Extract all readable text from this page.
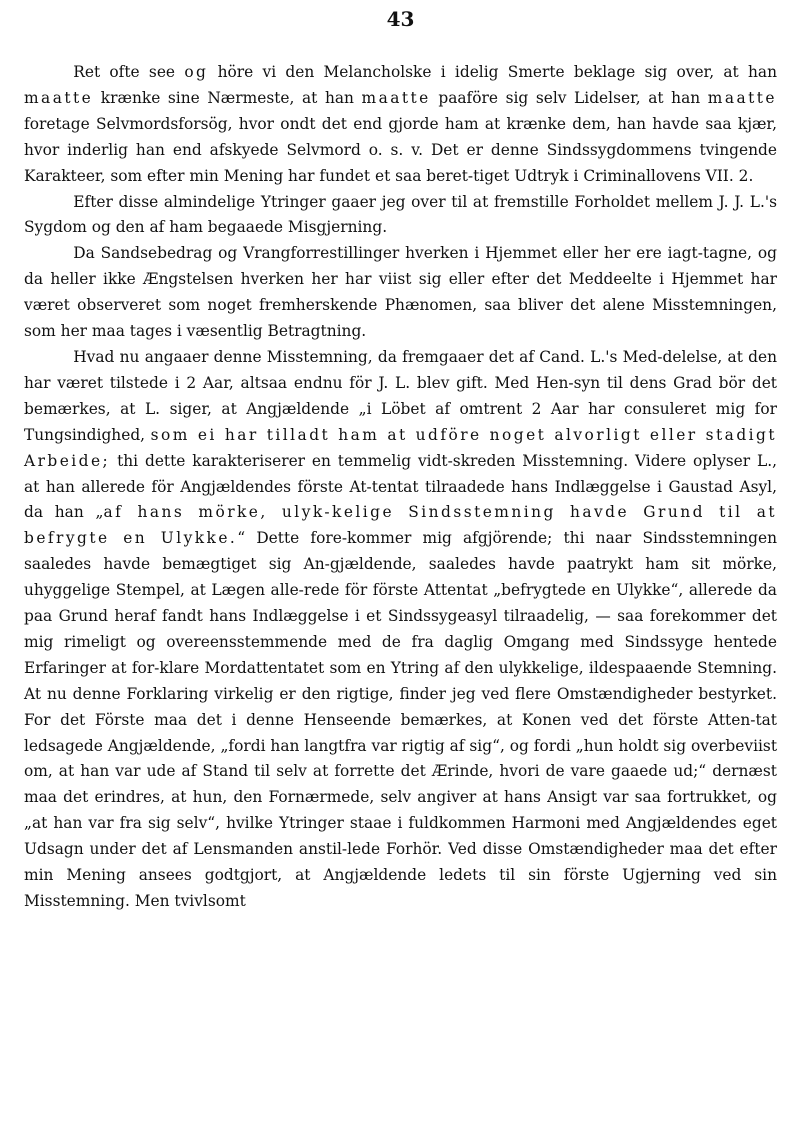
43

Ret ofte see og höre vi den Melancholske i idelig Smerte beklage sig over, at han maatte krænke sine Nærmeste, at han maatte paaföre sig selv Lidelser, at han maatte foretage Selvmordsforsög, hvor ondt det end gjorde ham at krænke dem, han havde saa kjær, hvor inderlig han end afskyede Selvmord o. s. v. Det er denne Sindssygdommens tvingende Karakteer, som efter min Mening har fundet et saa beret-tiget Udtryk i Criminallovens VII. 2.

Efter disse almindelige Ytringer gaaer jeg over til at fremstille Forholdet mellem J. J. L.'s Sygdom og den af ham begaaede Misgjerning.

Da Sandsebedrag og Vrangforrestillinger hverken i Hjemmet eller her ere iagt-tagne, og da heller ikke Ængstelsen hverken her har viist sig eller efter det Meddeelte i Hjemmet har været observeret som noget fremherskende Phænomen, saa bliver det alene Misstemningen, som her maa tages i væsentlig Betragtning.

Hvad nu angaaer denne Misstemning, da fremgaaer det af Cand. L.'s Med-delelse, at den har været tilstede i 2 Aar, altsaa endnu för J. L. blev gift. Med Hen-syn til dens Grad bör det bemærkes, at L. siger, at Angjældende „i Löbet af omtrent 2 Aar har consuleret mig for Tungsindighed, som ei har tilladt ham at udföre noget alvorligt eller stadigt Arbeide; thi dette karakteriserer en temmelig vidt-skreden Misstemning. Videre oplyser L., at han allerede för Angjældendes förste At-tentat tilraadede hans Indlæggelse i Gaustad Asyl, da han „af hans mörke, ulyk-kelige Sindsstemning havde Grund til at befrygte en Ulykke.“ Dette fore-kommer mig afgjörende; thi naar Sindsstemningen saaledes havde bemægtiget sig An-gjældende, saaledes havde paatrykt ham sit mörke, uhyggelige Stempel, at Lægen alle-rede för förste Attentat „befrygtede en Ulykke“, allerede da paa Grund heraf fandt hans Indlæggelse i et Sindssygeasyl tilraadelig, — saa forekommer det mig rimeligt og overeensstemmende med de fra daglig Omgang med Sindssyge hentede Erfaringer at for-klare Mordattentatet som en Ytring af den ulykkelige, ildespaaende Stemning. At nu denne Forklaring virkelig er den rigtige, finder jeg ved flere Omstændigheder bestyrket. For det Förste maa det i denne Henseende bemærkes, at Konen ved det förste Atten-tat ledsagede Angjældende, „fordi han langtfra var rigtig af sig“, og fordi „hun holdt sig overbeviist om, at han var ude af Stand til selv at forrette det Ærinde, hvori de vare gaaede ud;“ dernæst maa det erindres, at hun, den Fornærmede, selv angiver at hans Ansigt var saa fortrukket, og „at han var fra sig selv“, hvilke Ytringer staae i fuldkommen Harmoni med Angjældendes eget Udsagn under det af Lensmanden anstil-lede Forhör. Ved disse Omstændigheder maa det efter min Mening ansees godtgjort, at Angjældende ledets til sin förste Ugjerning ved sin Misstemning. Men tvivlsomt
